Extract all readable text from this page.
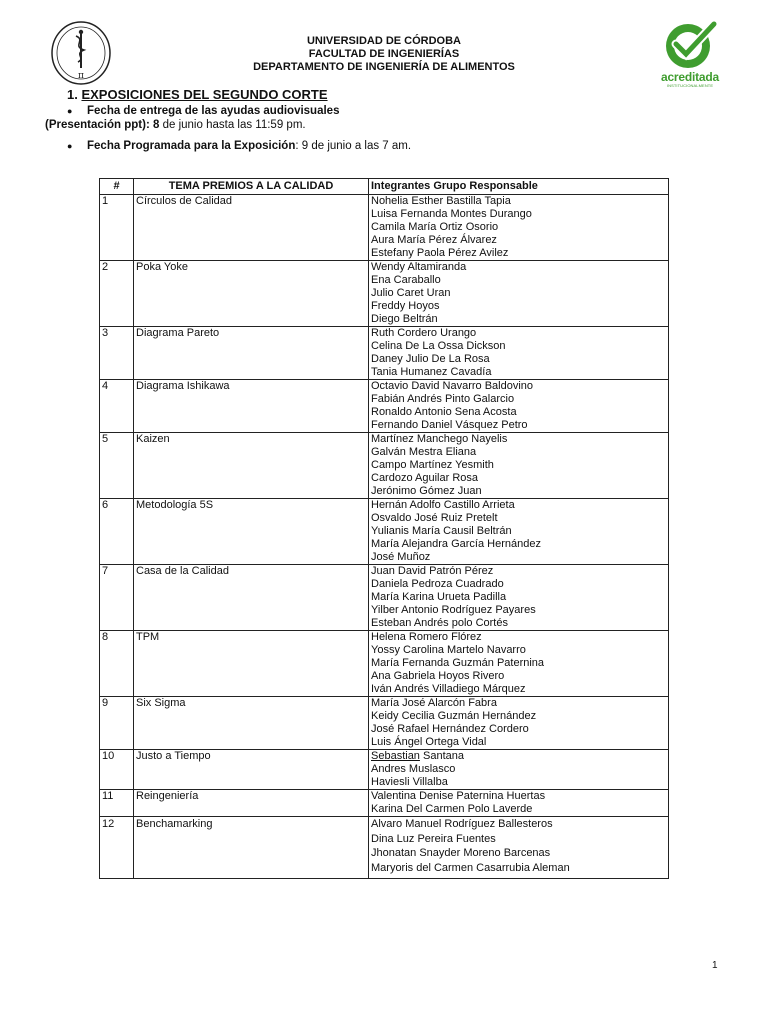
π	acreditada
INSTITUCIONALMENTE
UNIVERSIDAD DE CÓRDOBA
FACULTAD DE INGENIERÍAS
DEPARTAMENTO DE INGENIERÍA DE ALIMENTOS
1. EXPOSICIONES DEL SEGUNDO CORTE
● Fecha de entrega de las ayudas audiovisuales
(Presentación ppt): 8 de junio hasta las 11:59 pm.
● Fecha Programada para la Exposición: 9 de junio a las 7 am.
#	TEMA PREMIOS A LA CALIDAD	Integrantes Grupo Responsable
1	Círculos de Calidad	Nohelia Esther Bastilla Tapia
Luisa Fernanda Montes Durango
Camila María Ortiz Osorio
Aura María Pérez Álvarez
Estefany Paola Pérez Avilez

2	Poka Yoke	Wendy Altamiranda
Ena Caraballo
Julio Caret Uran
Freddy Hoyos
Diego Beltrán

3	Diagrama Pareto	Ruth Cordero Urango
Celina De La Ossa Dickson
Daney Julio De La Rosa
Tania Humanez Cavadía

4	Diagrama Ishikawa	Octavio David Navarro Baldovino
Fabián Andrés Pinto Galarcio
Ronaldo Antonio Sena Acosta
Fernando Daniel Vásquez Petro

5	Kaizen	Martínez Manchego Nayelis
Galván Mestra Eliana
Campo Martínez Yesmith
Cardozo Aguilar Rosa
Jerónimo Gómez Juan

6	Metodología 5S	Hernán Adolfo Castillo Arrieta
Osvaldo José Ruiz Pretelt
Yulianis María Causil Beltrán
María Alejandra García Hernández
José Muñoz

7	Casa de la Calidad	Juan David Patrón Pérez
Daniela Pedroza Cuadrado
María Karina Urueta Padilla
Yilber Antonio Rodríguez Payares
Esteban Andrés polo Cortés

8	TPM	Helena Romero Flórez
Yossy Carolina Martelo Navarro
María Fernanda Guzmán Paternina
Ana Gabriela Hoyos Rivero
Iván Andrés Villadiego Márquez

9	Six Sigma	María José Alarcón Fabra
Keidy Cecilia Guzmán Hernández
José Rafael Hernández Cordero
Luis Ángel Ortega Vidal

10	Justo a Tiempo	Sebastian Santana
Andres Muslasco
Haviesli Villalba

11	Reingeniería	Valentina Denise Paternina Huertas
Karina Del Carmen Polo Laverde

12	Benchamarking	Alvaro Manuel Rodríguez Ballesteros
Dina Luz Pereira Fuentes
Jhonatan Snayder Moreno Barcenas
Maryoris del Carmen Casarrubia Aleman
1
